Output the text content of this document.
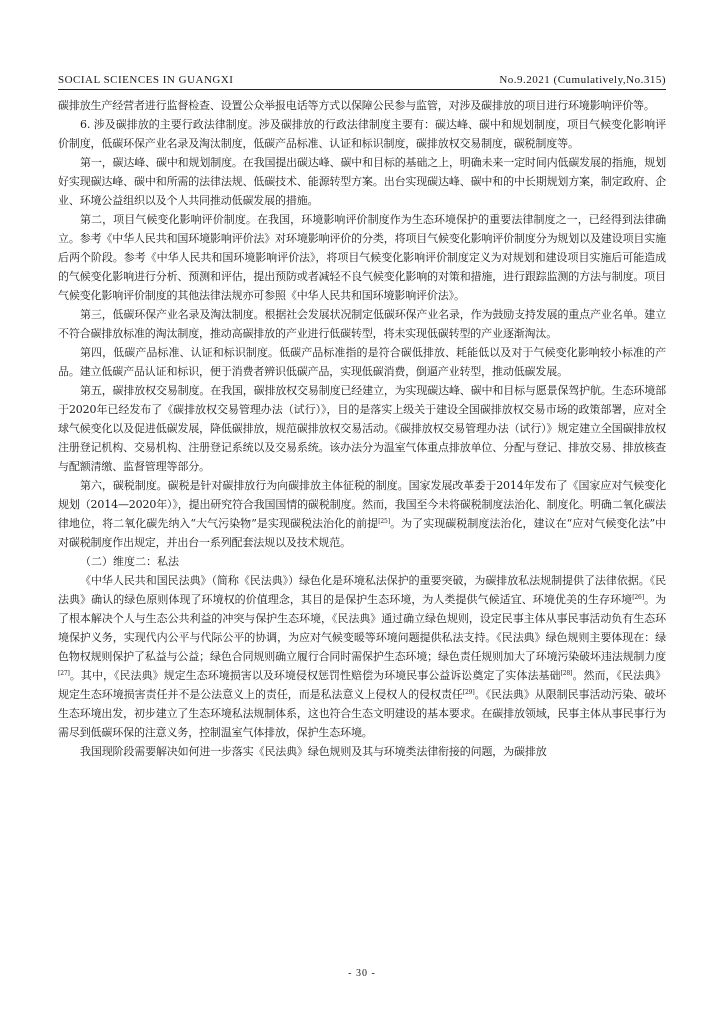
SOCIAL SCIENCES IN GUANGXI	No.9.2021 (Cumulatively,No.315)

碳排放生产经营者进行监督检查、设置公众举报电话等方式以保障公民参与监管，对涉及碳排放的项目进行环境影响评价等。

6. 涉及碳排放的主要行政法律制度。涉及碳排放的行政法律制度主要有：碳达峰、碳中和规划制度，项目气候变化影响评价制度，低碳环保产业名录及淘汰制度，低碳产品标准、认证和标识制度，碳排放权交易制度，碳税制度等。

第一，碳达峰、碳中和规划制度。在我国提出碳达峰、碳中和目标的基础之上，明确未来一定时间内低碳发展的指施，规划好实现碳达峰、碳中和所需的法律法规、低碳技术、能源转型方案。出台实现碳达峰、碳中和的中长期规划方案，制定政府、企业、环境公益组织以及个人共同推动低碳发展的措施。

第二，项目气候变化影响评价制度。在我国，环境影响评价制度作为生态环境保护的重要法律制度之一，已经得到法律确立。参考《中华人民共和国环境影响评价法》对环境影响评价的分类，将项目气候变化影响评价制度分为规划以及建设项目实施后两个阶段。参考《中华人民共和国环境影响评价法》，将项目气候变化影响评价制度定义为对规划和建设项目实施后可能造成的气候变化影响进行分析、预测和评估，提出预防或者减轻不良气候变化影响的对策和措施，进行跟踪监测的方法与制度。项目气候变化影响评价制度的其他法律法规亦可参照《中华人民共和国环境影响评价法》。

第三，低碳环保产业名录及淘汰制度。根据社会发展状况制定低碳环保产业名录，作为鼓励支持发展的重点产业名单。建立不符合碳排放标准的淘汰制度，推动高碳排放的产业进行低碳转型，将未实现低碳转型的产业逐渐淘汰。

第四，低碳产品标准、认证和标识制度。低碳产品标准指的是符合碳低排放、耗能低以及对于气候变化影响较小标准的产品。建立低碳产品认证和标识，便于消费者辨识低碳产品，实现低碳消费，倒逼产业转型，推动低碳发展。

第五，碳排放权交易制度。在我国，碳排放权交易制度已经建立，为实现碳达峰、碳中和目标与愿景保驾护航。生态环境部于2020年已经发布了《碳排放权交易管理办法（试行）》，目的是落实上级关于建设全国碳排放权交易市场的政策部署，应对全球气候变化以及促进低碳发展，降低碳排放，规范碳排放权交易活动。《碳排放权交易管理办法（试行）》规定建立全国碳排放权注册登记机构、交易机构、注册登记系统以及交易系统。该办法分为温室气体重点排放单位、分配与登记、排放交易、排放核查与配额清缴、监督管理等部分。

第六，碳税制度。碳税是针对碳排放行为向碳排放主体征税的制度。国家发展改革委于2014年发布了《国家应对气候变化规划（2014—2020年）》，提出研究符合我国国情的碳税制度。然而，我国至今未将碳税制度法治化、制度化。明确二氧化碳法律地位，将二氧化碳先纳入“大气污染物”是实现碳税法治化的前提[25]。为了实现碳税制度法治化，建议在“应对气候变化法”中对碳税制度作出规定，并出台一系列配套法规以及技术规范。

（二）维度二：私法

《中华人民共和国民法典》（简称《民法典》）绿色化是环境私法保护的重要突破，为碳排放私法规制提供了法律依据。《民法典》确认的绿色原则体现了环境权的价值理念，其目的是保护生态环境，为人类提供气候适宜、环境优美的生存环境[26]。为了根本解决个人与生态公共利益的冲突与保护生态环境，《民法典》通过确立绿色规则，设定民事主体从事民事活动负有生态环境保护义务，实现代内公平与代际公平的协调，为应对气候变暖等环境问题提供私法支持。《民法典》绿色规则主要体现在：绿色物权规则保护了私益与公益；绿色合同规则确立履行合同时需保护生态环境；绿色责任规则加大了环境污染破坏违法规制力度[27]。其中，《民法典》规定生态环境损害以及环境侵权惩罚性赔偿为环境民事公益诉讼奠定了实体法基础[28]。然而，《民法典》规定生态环境损害责任并不是公法意义上的责任，而是私法意义上侵权人的侵权责任[29]。《民法典》从限制民事活动污染、破坏生态环境出发，初步建立了生态环境私法规制体系，这也符合生态文明建设的基本要求。在碳排放领域，民事主体从事民事行为需尽到低碳环保的注意义务，控制温室气体排放，保护生态环境。

我国现阶段需要解决如何进一步落实《民法典》绿色规则及其与环境类法律衔接的问题，为碳排放

- 30 -
